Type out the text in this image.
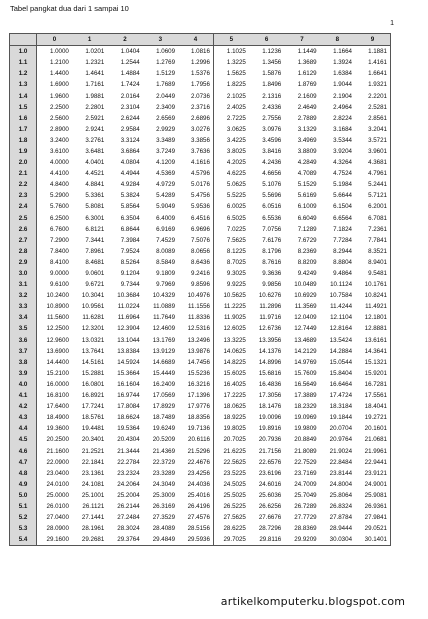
Tabel pangkat dua dari 1 sampai 10
1
	0	1	2	3	4	5	6	7	8	9
1.0	1.0000	1.0201	1.0404	1.0609	1.0816	1.1025	1.1236	1.1449	1.1664	1.1881
1.1	1.2100	1.2321	1.2544	1.2769	1.2996	1.3225	1.3456	1.3689	1.3924	1.4161
1.2	1.4400	1.4641	1.4884	1.5129	1.5376	1.5625	1.5876	1.6129	1.6384	1.6641
1.3	1.6900	1.7161	1.7424	1.7689	1.7956	1.8225	1.8496	1.8769	1.9044	1.9321
1.4	1.9600	1.9881	2.0164	2.0449	2.0736	2.1025	2.1316	2.1609	2.1904	2.2201
1.5	2.2500	2.2801	2.3104	2.3409	2.3716	2.4025	2.4336	2.4649	2.4964	2.5281
1.6	2.5600	2.5921	2.6244	2.6569	2.6896	2.7225	2.7556	2.7889	2.8224	2.8561
1.7	2.8900	2.9241	2.9584	2.9929	3.0276	3.0625	3.0976	3.1329	3.1684	3.2041
1.8	3.2400	3.2761	3.3124	3.3489	3.3856	3.4225	3.4596	3.4969	3.5344	3.5721
1.9	3.6100	3.6481	3.6864	3.7249	3.7636	3.8025	3.8416	3.8809	3.9204	3.9601
2.0	4.0000	4.0401	4.0804	4.1209	4.1616	4.2025	4.2436	4.2849	4.3264	4.3681
2.1	4.4100	4.4521	4.4944	4.5369	4.5796	4.6225	4.6656	4.7089	4.7524	4.7961
2.2	4.8400	4.8841	4.9284	4.9729	5.0176	5.0625	5.1076	5.1529	5.1984	5.2441
2.3	5.2900	5.3361	5.3824	5.4289	5.4756	5.5225	5.5696	5.6169	5.6644	5.7121
2.4	5.7600	5.8081	5.8564	5.9049	5.9536	6.0025	6.0516	6.1009	6.1504	6.2001
2.5	6.2500	6.3001	6.3504	6.4009	6.4516	6.5025	6.5536	6.6049	6.6564	6.7081
2.6	6.7600	6.8121	6.8644	6.9169	6.9696	7.0225	7.0756	7.1289	7.1824	7.2361
2.7	7.2900	7.3441	7.3984	7.4529	7.5076	7.5625	7.6176	7.6729	7.7284	7.7841
2.8	7.8400	7.8961	7.9524	8.0089	8.0656	8.1225	8.1796	8.2369	8.2944	8.3521
2.9	8.4100	8.4681	8.5264	8.5849	8.6436	8.7025	8.7616	8.8209	8.8804	8.9401
3.0	9.0000	9.0601	9.1204	9.1809	9.2416	9.3025	9.3636	9.4249	9.4864	9.5481
3.1	9.6100	9.6721	9.7344	9.7969	9.8596	9.9225	9.9856	10.0489	10.1124	10.1761
3.2	10.2400	10.3041	10.3684	10.4329	10.4976	10.5625	10.6276	10.6929	10.7584	10.8241
3.3	10.8900	10.9561	11.0224	11.0889	11.1556	11.2225	11.2896	11.3569	11.4244	11.4921
3.4	11.5600	11.6281	11.6964	11.7649	11.8336	11.9025	11.9716	12.0409	12.1104	12.1801
3.5	12.2500	12.3201	12.3904	12.4609	12.5316	12.6025	12.6736	12.7449	12.8164	12.8881
3.6	12.9600	13.0321	13.1044	13.1769	13.2496	13.3225	13.3956	13.4689	13.5424	13.6161
3.7	13.6900	13.7641	13.8384	13.9129	13.9876	14.0625	14.1376	14.2129	14.2884	14.3641
3.8	14.4400	14.5161	14.5924	14.6689	14.7456	14.8225	14.8996	14.9769	15.0544	15.1321
3.9	15.2100	15.2881	15.3664	15.4449	15.5236	15.6025	15.6816	15.7609	15.8404	15.9201
4.0	16.0000	16.0801	16.1604	16.2409	16.3216	16.4025	16.4836	16.5649	16.6464	16.7281
4.1	16.8100	16.8921	16.9744	17.0569	17.1396	17.2225	17.3056	17.3889	17.4724	17.5561
4.2	17.6400	17.7241	17.8084	17.8929	17.9776	18.0625	18.1476	18.2329	18.3184	18.4041
4.3	18.4900	18.5761	18.6624	18.7489	18.8356	18.9225	19.0096	19.0969	19.1844	19.2721
4.4	19.3600	19.4481	19.5364	19.6249	19.7136	19.8025	19.8916	19.9809	20.0704	20.1601
4.5	20.2500	20.3401	20.4304	20.5209	20.6116	20.7025	20.7936	20.8849	20.9764	21.0681
4.6	21.1600	21.2521	21.3444	21.4369	21.5296	21.6225	21.7156	21.8089	21.9024	21.9961
4.7	22.0900	22.1841	22.2784	22.3729	22.4676	22.5625	22.6576	22.7529	22.8484	22.9441
4.8	23.0400	23.1361	23.2324	23.3289	23.4256	23.5225	23.6196	23.7169	23.8144	23.9121
4.9	24.0100	24.1081	24.2064	24.3049	24.4036	24.5025	24.6016	24.7009	24.8004	24.9001
5.0	25.0000	25.1001	25.2004	25.3009	25.4016	25.5025	25.6036	25.7049	25.8064	25.9081
5.1	26.0100	26.1121	26.2144	26.3169	26.4196	26.5225	26.6256	26.7289	26.8324	26.9361
5.2	27.0400	27.1441	27.2484	27.3529	27.4576	27.5625	27.6676	27.7729	27.8784	27.9841
5.3	28.0900	28.1961	28.3024	28.4089	28.5156	28.6225	28.7296	28.8369	28.9444	29.0521
5.4	29.1600	29.2681	29.3764	29.4849	29.5936	29.7025	29.8116	29.9209	30.0304	30.1401
artikelkomputerku.blogspot.com
